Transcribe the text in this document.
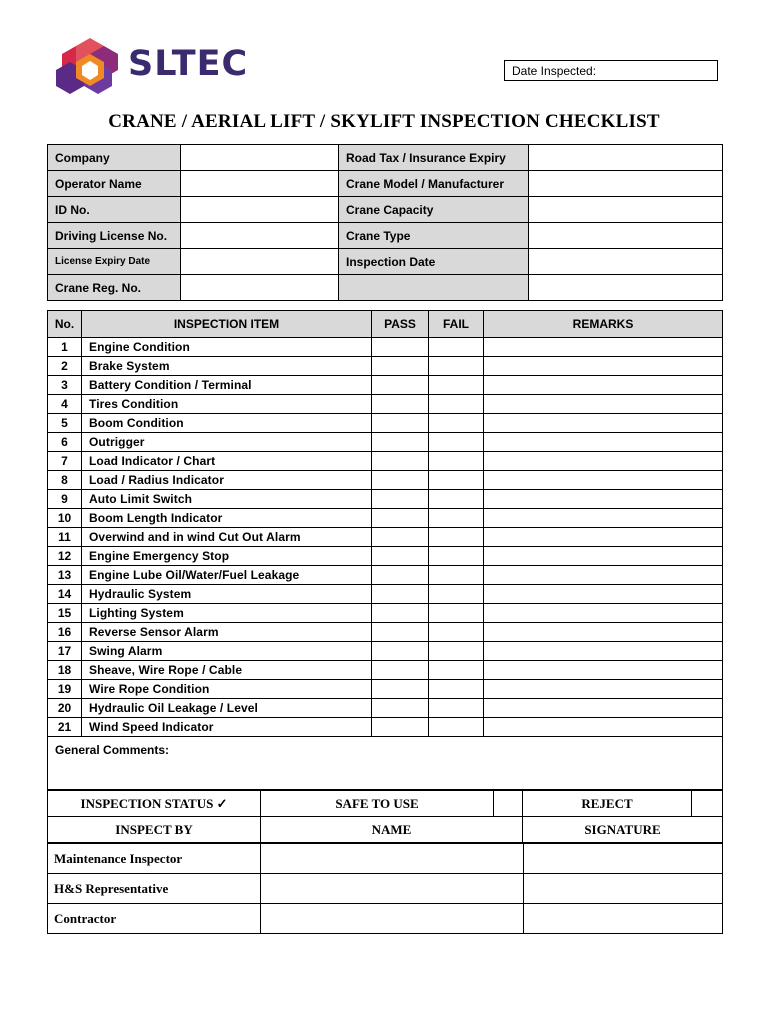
SLTEC	Date Inspected:
CRANE / AERIAL LIFT / SKYLIFT INSPECTION CHECKLIST
Company		Road Tax / Insurance Expiry	
Operator Name		Crane Model / Manufacturer	
ID No.		Crane Capacity	
Driving License No.		Crane Type	
License Expiry Date		Inspection Date	
Crane Reg. No.			
No.	INSPECTION ITEM	PASS	FAIL	REMARKS
1	Engine Condition			
2	Brake System			
3	Battery Condition / Terminal			
4	Tires Condition			
5	Boom Condition			
6	Outrigger			
7	Load Indicator / Chart			
8	Load / Radius Indicator			
9	Auto Limit Switch			
10	Boom Length Indicator			
11	Overwind and in wind Cut Out Alarm			
12	Engine Emergency Stop			
13	Engine Lube Oil/Water/Fuel Leakage			
14	Hydraulic System			
15	Lighting System			
16	Reverse Sensor Alarm			
17	Swing Alarm			
18	Sheave, Wire Rope / Cable			
19	Wire Rope Condition			
20	Hydraulic Oil Leakage / Level			
21	Wind Speed Indicator			
General Comments:				
INSPECTION STATUS ✓	SAFE TO USE		REJECT	
INSPECT BY	NAME		SIGNATURE	
Maintenance Inspector		
H&S Representative		
Contractor		
